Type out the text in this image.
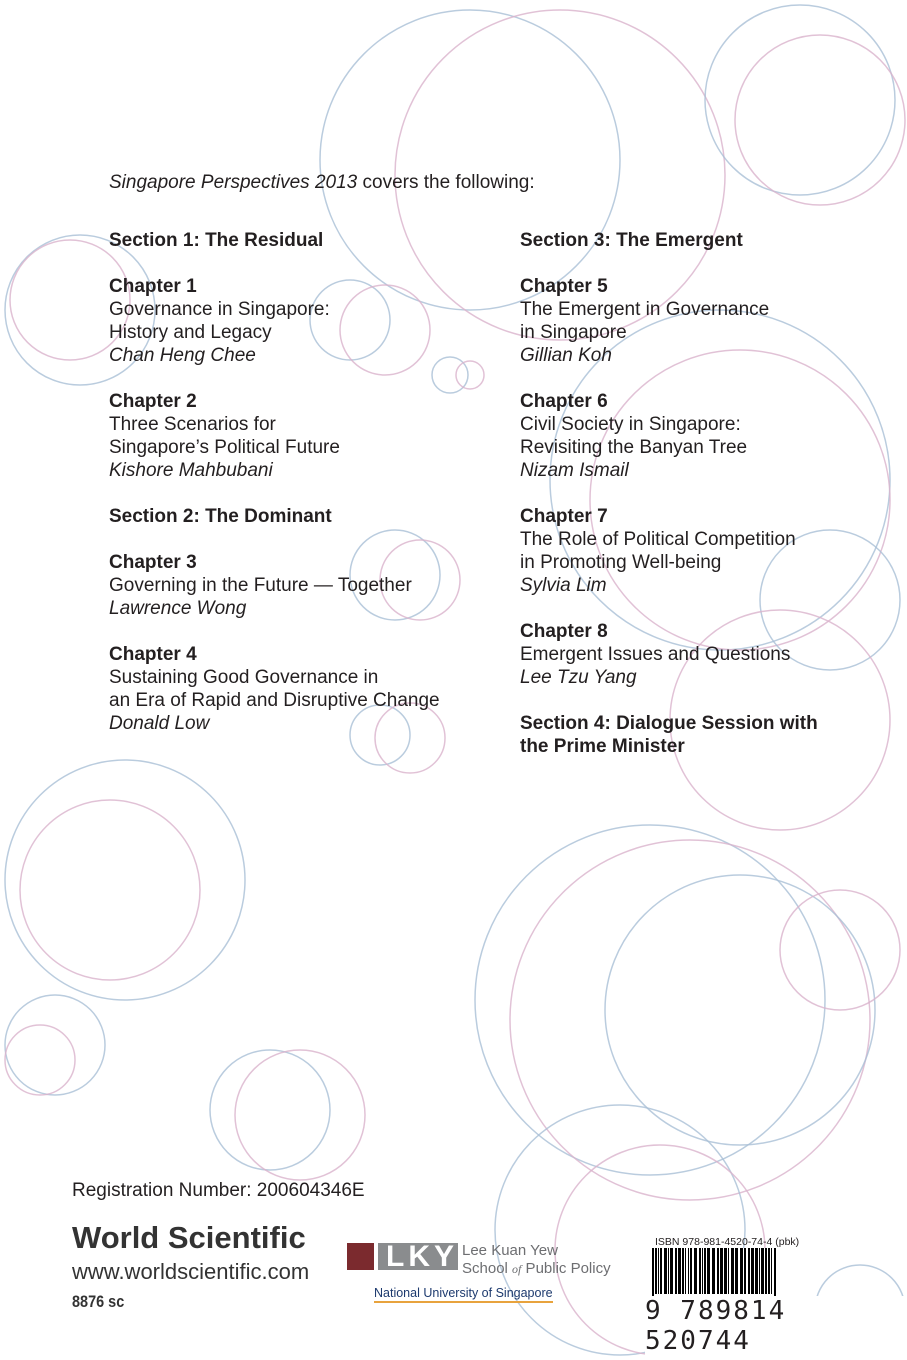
Singapore Perspectives 2013 covers the following:
Section 1: The Residual
Chapter 1
Governance in Singapore:
History and Legacy
Chan Heng Chee
Chapter 2
Three Scenarios for
Singapore’s Political Future
Kishore Mahbubani
Section 2: The Dominant
Chapter 3
Governing in the Future — Together
Lawrence Wong
Chapter 4
Sustaining Good Governance in
an Era of Rapid and Disruptive Change
Donald Low
Section 3: The Emergent
Chapter 5
The Emergent in Governance
in Singapore
Gillian Koh
Chapter 6
Civil Society in Singapore:
Revisiting the Banyan Tree
Nizam Ismail
Chapter 7
The Role of Political Competition
in Promoting Well-being
Sylvia Lim
Chapter 8
Emergent Issues and Questions
Lee Tzu Yang
Section 4: Dialogue Session with
the Prime Minister
Registration Number: 200604346E
World Scientific
www.worldscientific.com
8876 sc
LKY Lee Kuan Yew
School of Public Policy
National University of Singapore
ISBN 978-981-4520-74-4 (pbk)
9 789814 520744
